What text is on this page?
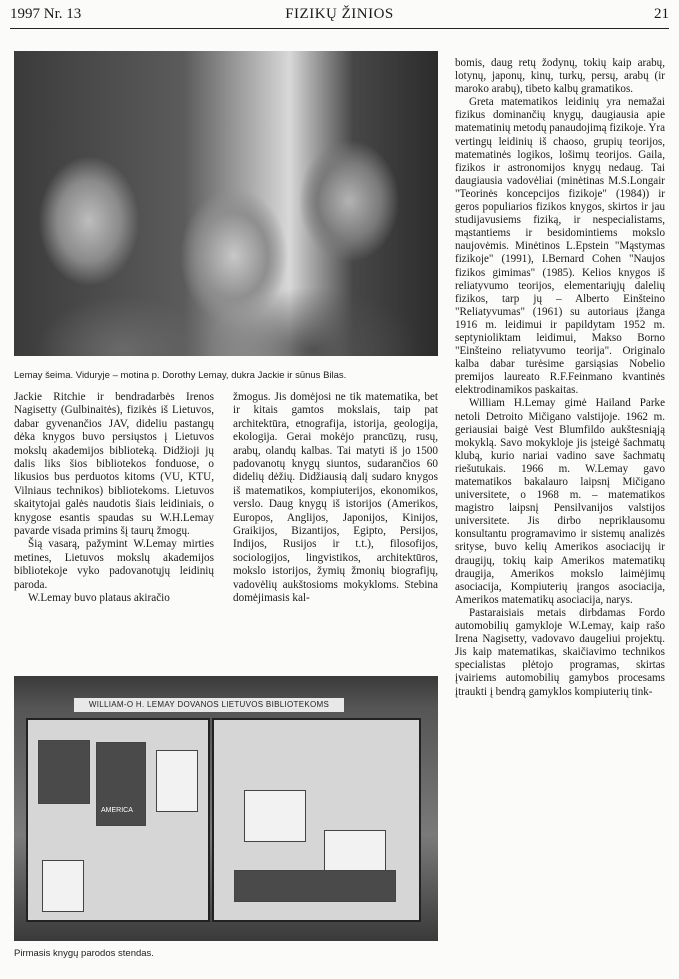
1997 Nr. 13	FIZIKŲ ŽINIOS	21
Lemay šeima. Viduryje – motina p. Dorothy Lemay, dukra Jackie ir sūnus Bilas.

Jackie Ritchie ir bendradarbės Irenos Nagisetty (Gulbinaitės), fizikės iš Lietuvos, dabar gyvenančios JAV, dideliu pastangų dėka knygos buvo persiųstos į Lietuvos mokslų akademijos biblioteką. Didžioji jų dalis liks šios bibliotekos fonduose, o likusios bus perduotos kitoms (VU, KTU, Vilniaus technikos) bibliotekoms. Lietuvos skaitytojai galės naudotis šiais leidiniais, o knygose esantis spaudas su W.H.Lemay pavarde visada primins šį taurų žmogų.

Šią vasarą, pažymint W.Lemay mirties metines, Lietuvos mokslų akademijos bibliotekoje vyko padovanotųjų leidinių paroda.

W.Lemay buvo plataus akiračio

žmogus. Jis domėjosi ne tik matematika, bet ir kitais gamtos mokslais, taip pat architektūra, etnografija, istorija, geologija, ekologija. Gerai mokėjo prancūzų, rusų, arabų, olandų kalbas. Tai matyti iš jo 1500 padovanotų knygų siuntos, sudarančios 60 didelių dėžių. Didžiausią dalį sudaro knygos iš matematikos, kompiuterijos, ekonomikos, verslo. Daug knygų iš istorijos (Amerikos, Europos, Anglijos, Japonijos, Kinijos, Graikijos, Bizantijos, Egipto, Persijos, Indijos, Rusijos ir t.t.), filosofijos, sociologijos, lingvistikos, architektūros, mokslo istorijos, žymių žmonių biografijų, vadovėlių aukštosioms mokykloms. Stebina domėjimasis kal-

WILLIAM-O H. LEMAY DOVANOS LIETUVOS BIBLIOTEKOMS
AMERICA
Pirmasis knygų parodos stendas.

bomis, daug retų žodynų, tokių kaip arabų, lotynų, japonų, kinų, turkų, persų, arabų (ir maroko arabų), tibeto kalbų gramatikos.

Greta matematikos leidinių yra nemažai fizikus dominančių knygų, daugiausia apie matematinių metodų panaudojimą fizikoje. Yra vertingų leidinių iš chaoso, grupių teorijos, matematinės logikos, lošimų teorijos. Gaila, fizikos ir astronomijos knygų nedaug. Tai daugiausia vadovėliai (minėtinas M.S.Longair "Teorinės koncepcijos fizikoje" (1984)) ir geros populiarios fizikos knygos, skirtos ir jau studijavusiems fiziką, ir nespecialistams, mąstantiems ir besidomintiems mokslo naujovėmis. Minėtinos L.Epstein "Mąstymas fizikoje" (1991), I.Bernard Cohen "Naujos fizikos gimimas" (1985). Kelios knygos iš reliatyvumo teorijos, elementariųjų dalelių fizikos, tarp jų – Alberto Einšteino "Reliatyvumas" (1961) su autoriaus įžanga 1916 m. leidimui ir papildytam 1952 m. septynioliktam leidimui, Makso Borno "Einšteino reliatyvumo teorija". Originalo kalba dabar turėsime garsiąsias Nobelio premijos laureato R.F.Feinmano kvantinės elektrodinamikos paskaitas.

William H.Lemay gimė Hailand Parke netoli Detroito Mičigano valstijoje. 1962 m. geriausiai baigė Vest Blumfildo aukštesniąją mokyklą. Savo mokykloje jis įsteigė šachmatų klubą, kurio nariai vadino save šachmatų riešutukais. 1966 m. W.Lemay gavo matematikos bakalauro laipsnį Mičigano universitete, o 1968 m. – matematikos magistro laipsnį Pensilvanijos valstijos universitete. Jis dirbo nepriklausomu konsultantu programavimo ir sistemų analizės srityse, buvo kelių Amerikos asociacijų ir draugijų, tokių kaip Amerikos matematikų draugija, Amerikos mokslo laimėjimų asociacija, Kompiuterių įrangos asociacija, Amerikos matematikų asociacija, narys.

Pastaraisiais metais dirbdamas Fordo automobilių gamykloje W.Lemay, kaip rašo Irena Nagisetty, vadovavo daugeliui projektų. Jis kaip matematikas, skaičiavimo technikos specialistas plėtojo programas, skirtas įvairiems automobilių gamybos procesams įtraukti į bendrą gamyklos kompiuterių tink-
